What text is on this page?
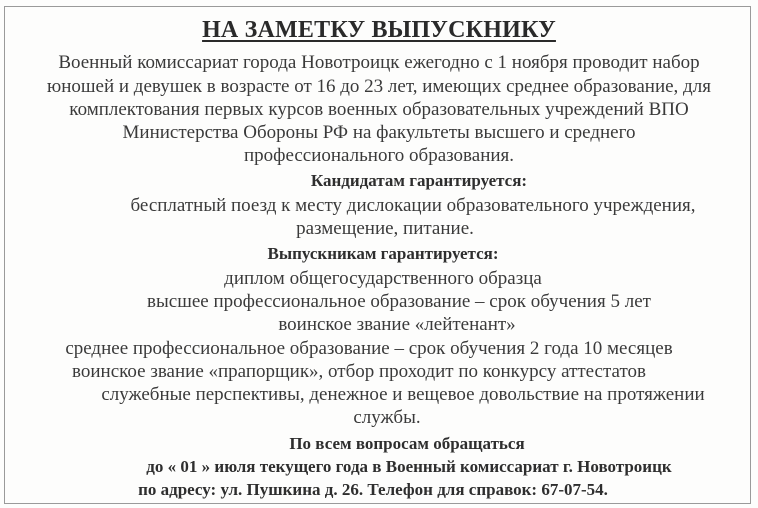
НА ЗАМЕТКУ ВЫПУСКНИКУ
Военный комиссариат города Новотроицк ежегодно с 1 ноября проводит набор
юношей и девушек в возрасте от 16 до 23 лет, имеющих среднее образование, для
комплектования первых курсов военных образовательных учреждений ВПО
Министерства Обороны РФ на факультеты высшего и среднего
профессионального образования.
Кандидатам гарантируется:
бесплатный поезд к месту дислокации образовательного учреждения,
размещение, питание.
Выпускникам гарантируется:
диплом общегосударственного образца
высшее профессиональное образование – срок обучения 5 лет
воинское звание «лейтенант»
среднее профессиональное образование – срок обучения 2 года 10 месяцев
воинское звание «прапорщик», отбор проходит по конкурсу аттестатов
служебные перспективы, денежное и вещевое довольствие на протяжении
службы.
По всем вопросам обращаться
до « 01 » июля текущего года в Военный комиссариат г. Новотроицк
по адресу: ул. Пушкина д. 26. Телефон для справок: 67-07-54.
